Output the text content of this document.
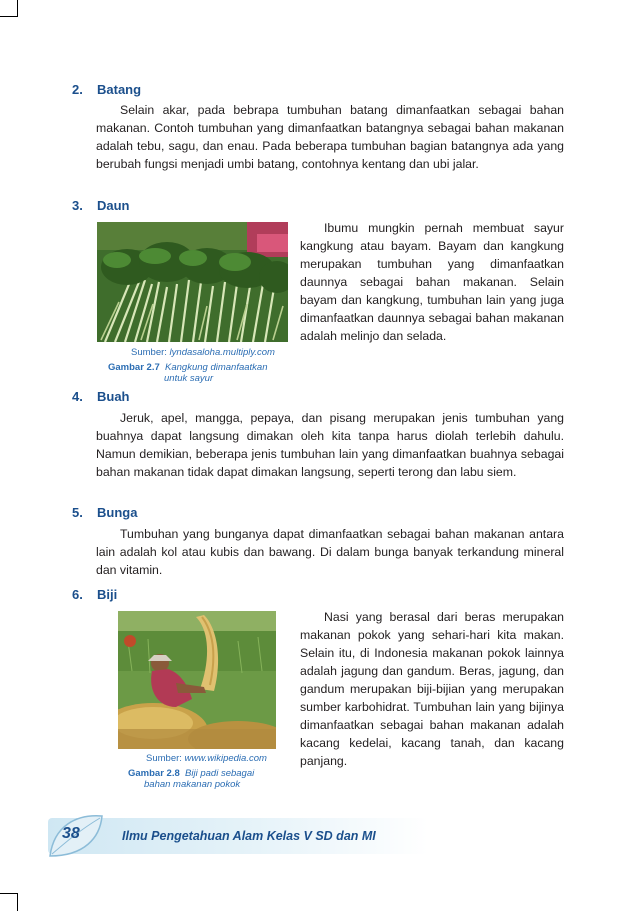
2. Batang

Selain akar, pada bebrapa tumbuhan batang dimanfaatkan sebagai bahan makanan. Contoh tumbuhan yang dimanfaatkan batangnya sebagai bahan makanan adalah tebu, sagu, dan enau. Pada beberapa tumbuhan bagian batangnya ada yang berubah fungsi menjadi umbi batang, contohnya kentang dan ubi jalar.

3. Daun
Sumber: lyndasaloha.multiply.com
Gambar 2.7 Kangkung dimanfaatkan
untuk sayur

Ibumu mungkin pernah membuat sayur kangkung atau bayam. Bayam dan kangkung merupakan tumbuhan yang dimanfaatkan daunnya sebagai bahan makanan. Selain bayam dan kangkung, tumbuhan lain yang juga dimanfaatkan daunnya sebagai bahan makanan adalah melinjo dan selada.

4. Buah

Jeruk, apel, mangga, pepaya, dan pisang merupakan jenis tumbuhan yang buahnya dapat langsung dimakan oleh kita tanpa harus diolah terlebih dahulu. Namun demikian, beberapa jenis tumbuhan lain yang dimanfaatkan buahnya sebagai bahan makanan tidak dapat dimakan langsung, seperti terong dan labu siem.

5. Bunga

Tumbuhan yang bunganya dapat dimanfaatkan sebagai bahan makanan antara lain adalah kol atau kubis dan bawang. Di dalam bunga banyak terkandung mineral dan vitamin.

6. Biji
Sumber: www.wikipedia.com
Gambar 2.8 Biji padi sebagai
bahan makanan pokok

Nasi yang berasal dari beras merupakan makanan pokok yang sehari-hari kita makan. Selain itu, di Indonesia makanan pokok lainnya adalah jagung dan gandum. Beras, jagung, dan gandum merupakan biji-bijian yang merupakan sumber karbohidrat. Tumbuhan lain yang bijinya dimanfaatkan sebagai bahan makanan adalah kacang kedelai, kacang tanah, dan kacang panjang.

38	Ilmu Pengetahuan Alam Kelas V SD dan MI
